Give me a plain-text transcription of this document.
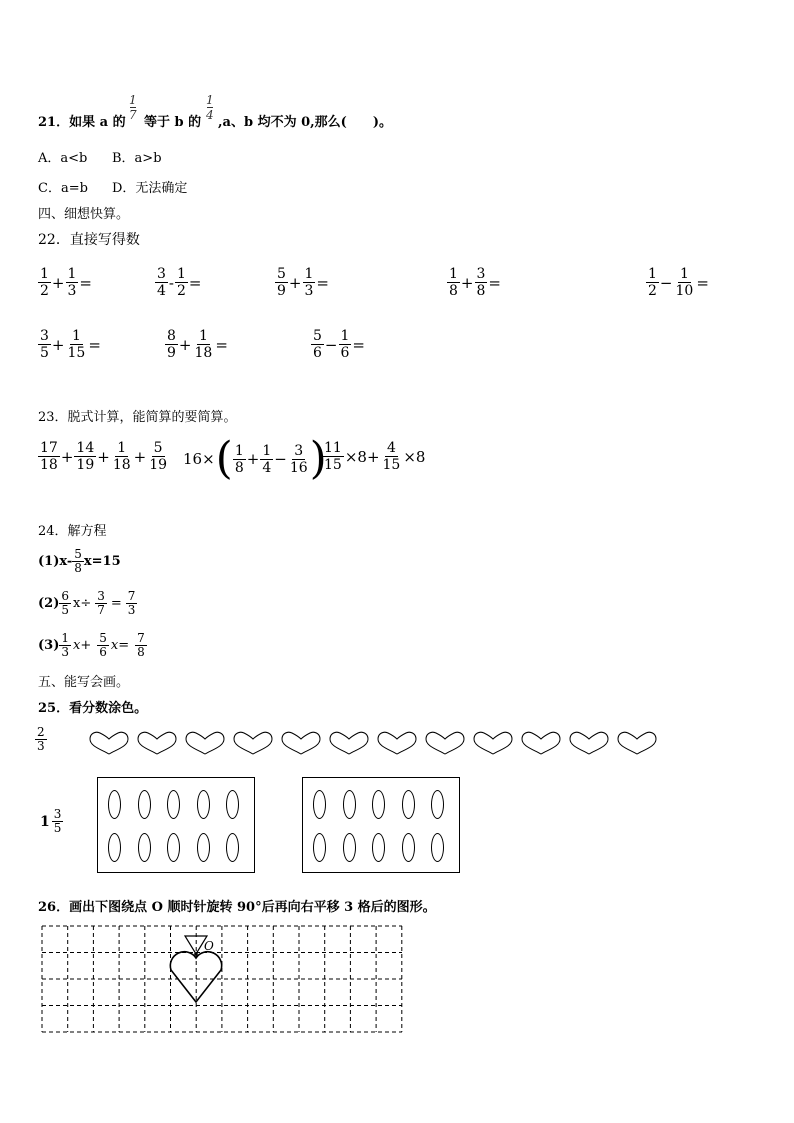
21．如果 a 的
$\frac{1}{7}$
等于 b 的
$\frac{1}{4}$
,a、b 均不为 0,那么(　　)。
A．a<b B．a>b
C．a=b D．无法确定
四、细想快算。
22．直接写得数
23．脱式计算，能简算的要简算。
$\frac{17}{18} + \frac{14}{19} + \frac{1}{18} + \frac{5}{19} 16\times$ ( $\frac{1}{8} + \frac{1}{4} - \frac{3}{16}$ )
$\frac{11}{15} \times 8+ \frac{4}{15} \times 8$
24．解方程
$(1)x- \frac{5}{8} x=15$
$(2) \frac{6}{5} x\div \frac{3}{7} = \frac{7}{3}$
$(3) \frac{1}{3} x+ \frac{5}{6} x= \frac{7}{8}$
五、能写会画。
25．看分数涂色。
$\frac{2}{3}$
$1 \frac{3}{5}$
26．画出下图绕点 O 顺时针旋转 90°后再向右平移 3 格后的图形。
O
$\frac{1}{2} + \frac{1}{3}$ =	$\frac{3}{4} - \frac{1}{2}$ =	$\frac{5}{9} + \frac{1}{3}$ =	$\frac{1}{8} + \frac{3}{8}$ =	$\frac{1}{2} - \frac{1}{10}$ =
$\frac{3}{5} + \frac{1}{15}$ =	$\frac{8}{9} + \frac{1}{18}$ =	$\frac{5}{6} - \frac{1}{6}$ =
